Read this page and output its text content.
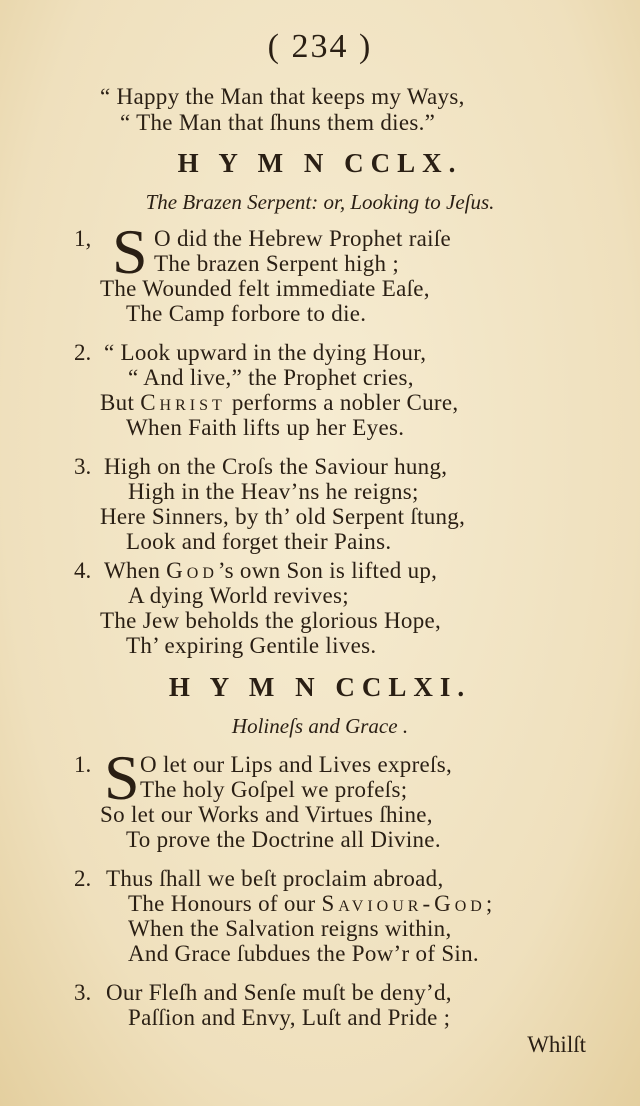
( 234 )
“ Happy the Man that keeps my Ways,
“ The Man that ſhuns them dies.”
H Y M N CCLX.
The Brazen Serpent: or, Looking to Jeſus.
1, S O did the Hebrew Prophet raiſe
The brazen Serpent high ;
The Wounded felt immediate Eaſe,
The Camp forbore to die.
2. “ Look upward in the dying Hour,
“ And live,” the Prophet cries,
But Christ performs a nobler Cure,
When Faith lifts up her Eyes.
3. High on the Croſs the Saviour hung,
High in the Heav’ns he reigns;
Here Sinners, by th’ old Serpent ſtung,
Look and forget their Pains.
4. When God’s own Son is lifted up,
A dying World revives;
The Jew beholds the glorious Hope,
Th’ expiring Gentile lives.
H Y M N CCLXI.
Holineſs and Grace .
1. S O let our Lips and Lives expreſs,
The holy Goſpel we profeſs;
So let our Works and Virtues ſhine,
To prove the Doctrine all Divine.
2. Thus ſhall we beſt proclaim abroad,
The Honours of our Saviour-God;
When the Salvation reigns within,
And Grace ſubdues the Pow’r of Sin.
3. Our Fleſh and Senſe muſt be deny’d,
Paſſion and Envy, Luſt and Pride ;
Whilſt
